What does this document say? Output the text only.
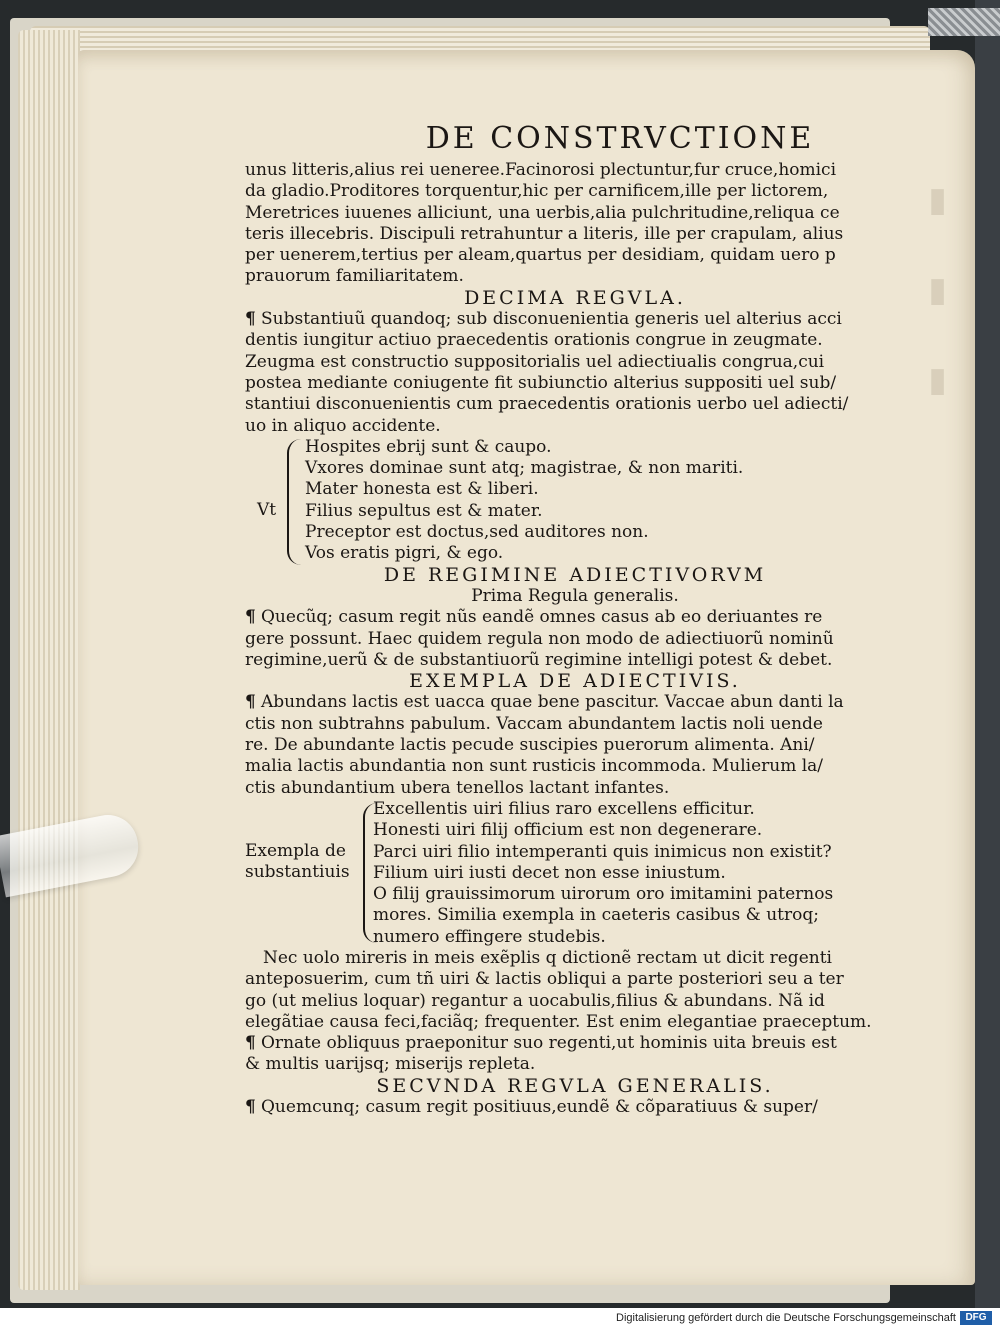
▮
▮
▮
DE CONSTRVCTIONE
unus litteris,alius rei ueneree.Facinorosi plectuntur,fur cruce,homici
da gladio.Proditores torquentur,hic per carnificem,ille per lictorem,
Meretrices iuuenes alliciunt, una uerbis,alia pulchritudine,reliqua ce
teris illecebris. Discipuli retrahuntur a literis, ille per crapulam, alius
per uenerem,tertius per aleam,quartus per desidiam, quidam uero p
prauorum familiaritatem.
DECIMA REGVLA.
¶ Substantiuũ quandoq; sub disconuenientia generis uel alterius acci
dentis iungitur actiuo praecedentis orationis congrue in zeugmate.
Zeugma est constructio suppositorialis uel adiectiualis congrua,cui
postea mediante coniugente fit subiunctio alterius suppositi uel sub/
stantiui disconuenientis cum praecedentis orationis uerbo uel adiecti/
uo in aliquo accidente.
Vt
Hospites ebrij sunt & caupo.
Vxores dominae sunt atq; magistrae, & non mariti.
Mater honesta est & liberi.
Filius sepultus est & mater.
Preceptor est doctus,sed auditores non.
Vos eratis pigri, & ego.
DE REGIMINE ADIECTIVORVM
Prima Regula generalis.
¶ Quecũq; casum regit nũs eandẽ omnes casus ab eo deriuantes re
gere possunt. Haec quidem regula non modo de adiectiuorũ nominũ
regimine,uerũ & de substantiuorũ regimine intelligi potest & debet.
EXEMPLA DE ADIECTIVIS.
¶ Abundans lactis est uacca quae bene pascitur. Vaccae abun danti la
ctis non subtrahns pabulum. Vaccam abundantem lactis noli uende
re. De abundante lactis pecude suscipies puerorum alimenta. Ani/
malia lactis abundantia non sunt rusticis incommoda. Mulierum la/
ctis abundantium ubera tenellos lactant infantes.
Exempla de
substantiuis
Excellentis uiri filius raro excellens efficitur.
Honesti uiri filij officium est non degenerare.
Parci uiri filio intemperanti quis inimicus non existit?
Filium uiri iusti decet non esse iniustum.
O filij grauissimorum uirorum oro imitamini paternos
mores. Similia exempla in caeteris casibus & utroq;
numero effingere studebis.
Nec uolo mireris in meis exẽplis q dictionẽ rectam ut dicit regenti
anteposuerim, cum tñ uiri & lactis obliqui a parte posteriori seu a ter
go (ut melius loquar) regantur a uocabulis,filius & abundans. Nã id
elegãtiae causa feci,faciãq; frequenter. Est enim elegantiae praeceptum.
¶ Ornate obliquus praeponitur suo regenti,ut hominis uita breuis est
& multis uarijsq; miserijs repleta.
SECVNDA REGVLA GENERALIS.
¶ Quemcunq; casum regit positiuus,eundẽ & cõparatiuus & super/
Digitalisierung gefördert durch die Deutsche Forschungsgemeinschaft DFG
